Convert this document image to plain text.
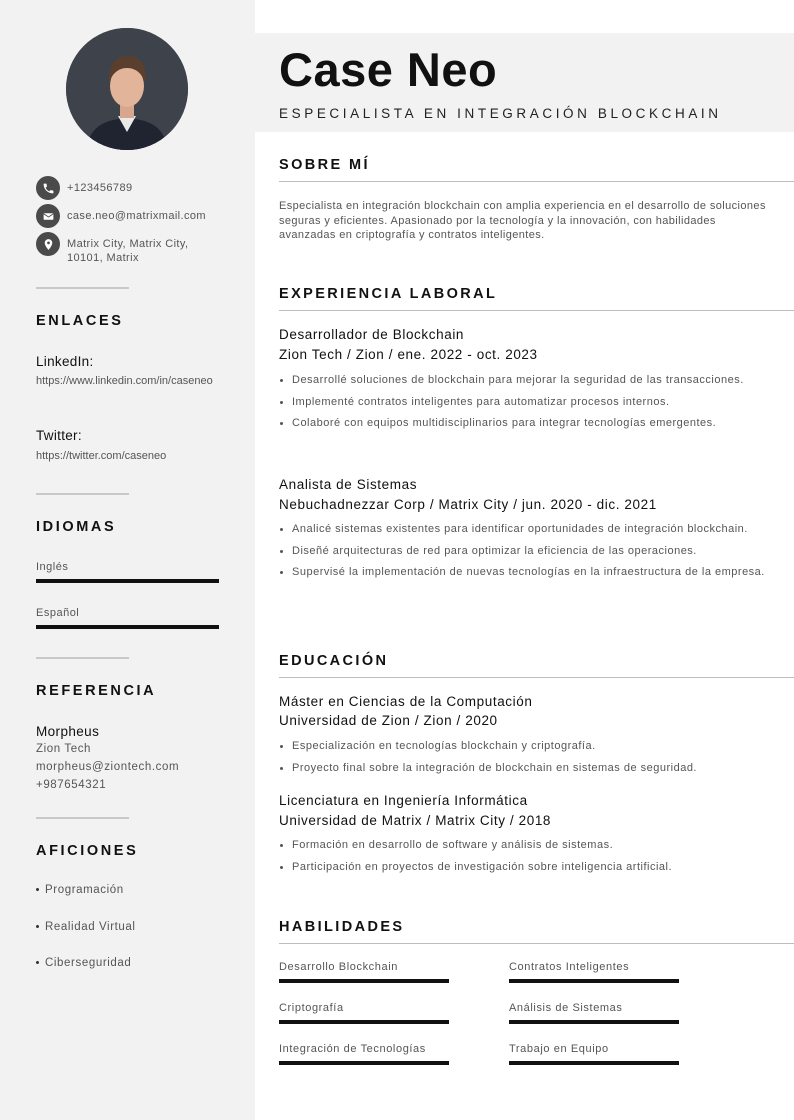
+123456789
case.neo@matrixmail.com
Matrix City, Matrix City,
10101, Matrix
ENLACES
LinkedIn:
https://www.linkedin.com/in/caseneo
Twitter:
https://twitter.com/caseneo
IDIOMAS
Inglés
Español
REFERENCIA
Morpheus
Zion Tech
morpheus@ziontech.com
+987654321
AFICIONES
Programación
Realidad Virtual
Ciberseguridad
Case Neo
ESPECIALISTA EN INTEGRACIÓN BLOCKCHAIN
SOBRE MÍ
Especialista en integración blockchain con amplia experiencia en el desarrollo de soluciones seguras y eficientes. Apasionado por la tecnología y la innovación, con habilidades avanzadas en criptografía y contratos inteligentes.
EXPERIENCIA LABORAL
Desarrollador de Blockchain
Zion Tech / Zion / ene. 2022 - oct. 2023
Desarrollé soluciones de blockchain para mejorar la seguridad de las transacciones.
Implementé contratos inteligentes para automatizar procesos internos.
Colaboré con equipos multidisciplinarios para integrar tecnologías emergentes.
Analista de Sistemas
Nebuchadnezzar Corp / Matrix City / jun. 2020 - dic. 2021
Analicé sistemas existentes para identificar oportunidades de integración blockchain.
Diseñé arquitecturas de red para optimizar la eficiencia de las operaciones.
Supervisé la implementación de nuevas tecnologías en la infraestructura de la empresa.
EDUCACIÓN
Máster en Ciencias de la Computación
Universidad de Zion / Zion / 2020
Especialización en tecnologías blockchain y criptografía.
Proyecto final sobre la integración de blockchain en sistemas de seguridad.
Licenciatura en Ingeniería Informática
Universidad de Matrix / Matrix City / 2018
Formación en desarrollo de software y análisis de sistemas.
Participación en proyectos de investigación sobre inteligencia artificial.
HABILIDADES
Desarrollo Blockchain	Contratos Inteligentes
Criptografía	Análisis de Sistemas
Integración de Tecnologías	Trabajo en Equipo
